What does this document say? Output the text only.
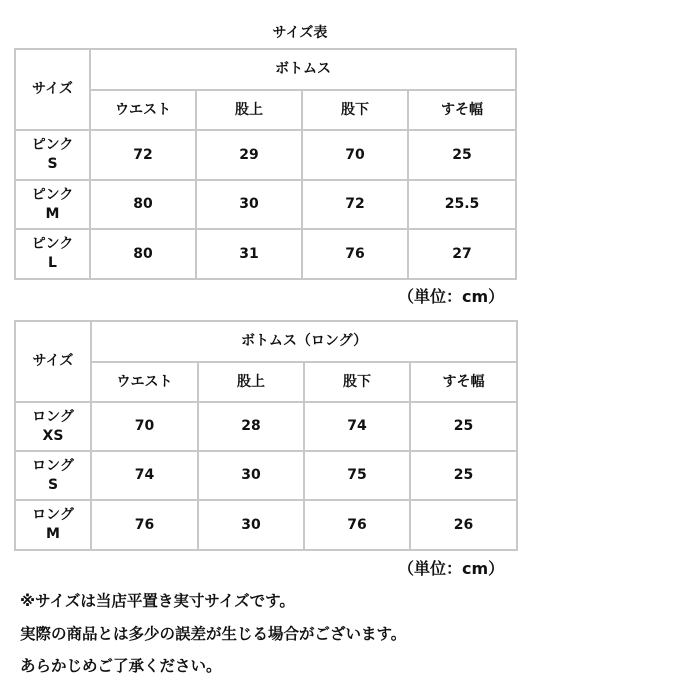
サイズ表
サイズ	ボトムス			
	ウエスト	股上	股下	すそ幅
ピンク
S	72	29	70	25
ピンク
M	80	30	72	25.5
ピンク
L	80	31	76	27
（単位：cm）
サイズ	ボトムス（ロング）			
	ウエスト	股上	股下	すそ幅
ロング
XS	70	28	74	25
ロング
S	74	30	75	25
ロング
M	76	30	76	26
（単位：cm）
※サイズは当店平置き実寸サイズです。
実際の商品とは多少の誤差が生じる場合がございます。
あらかじめご了承ください。
